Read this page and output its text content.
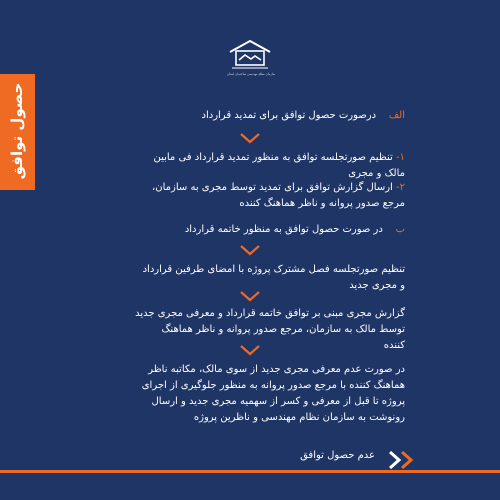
سازمان نظام مهندسی ساختمان استان
حصول توافق	الف    درصورت حصول توافق برای تمدید قرارداد
۱- تنظیم صورتجلسه توافق به منظور تمدید قرارداد فی مابین
مالک و مجری
۲- ارسال گزارش توافق برای تمدید توسط مجری به سازمان،
مرجع صدور پروانه و ناظر هماهنگ کننده
ب    در صورت حصول توافق به منظور خاتمه قرارداد
تنظیم صورتجلسه فصل مشترک پروژه با امضای طرفین قرارداد
و مجری جدید
گزارش مجری مبنی بر توافق خاتمه قرارداد و معرفی مجری جدید
توسط مالک به سازمان، مرجع صدور پروانه و ناظر هماهنگ
کننده
در صورت عدم معرفی مجری جدید از سوی مالک، مکاتبه ناظر
هماهنگ کننده با مرجع صدور پروانه به منظور جلوگیری از اجرای
پروژه تا قبل از معرفی و کسر از سهمیه مجری جدید و ارسال
رونوشت به سازمان نظام مهندسی و ناظرین پروژه
عدم حصول توافق
